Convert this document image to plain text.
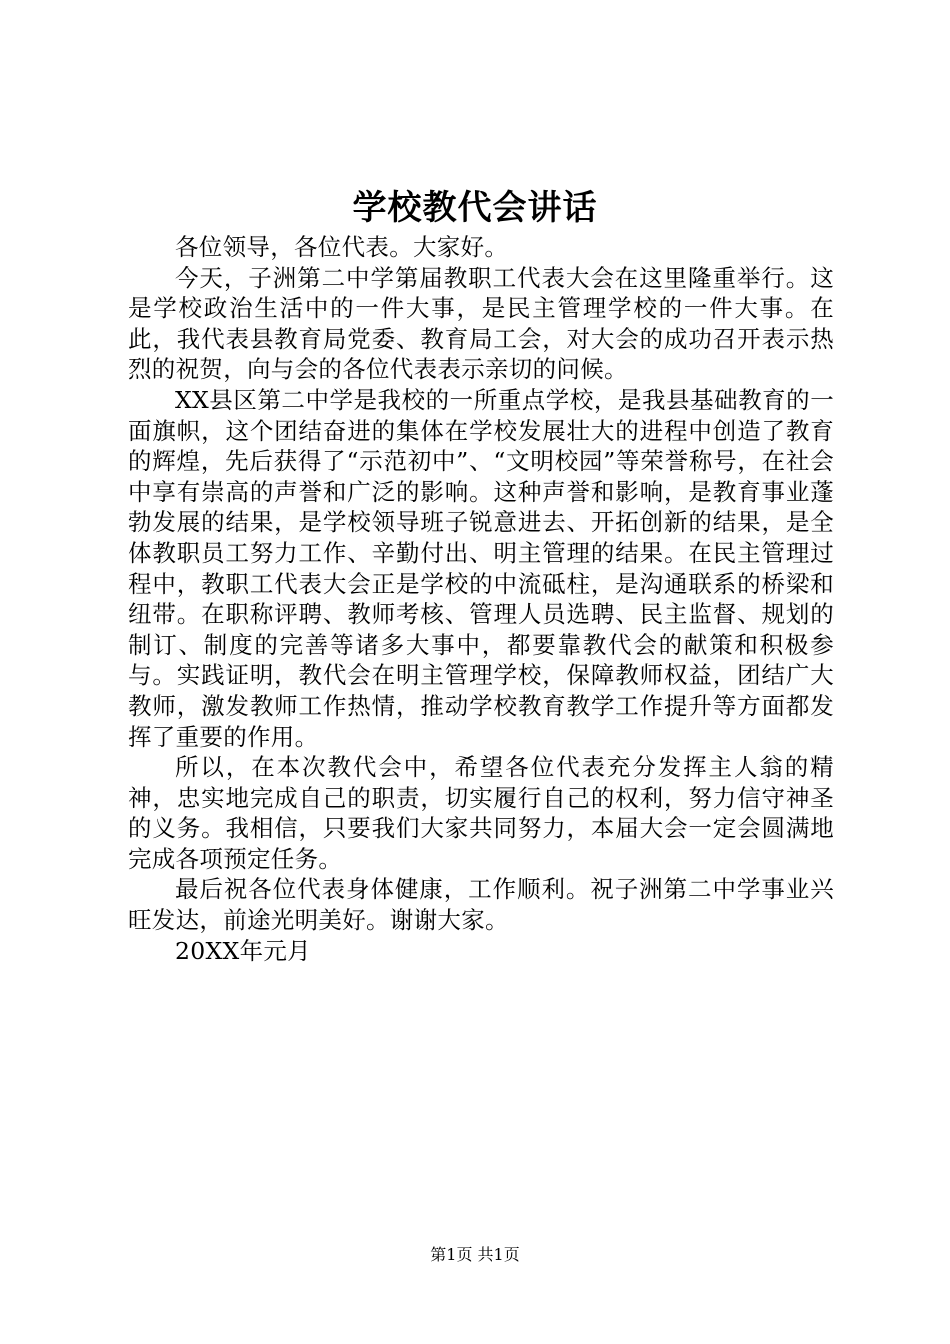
学校教代会讲话

各位领导，各位代表。大家好。

今天，子洲第二中学第届教职工代表大会在这里隆重举行。这是学校政治生活中的一件大事，是民主管理学校的一件大事。在此，我代表县教育局党委、教育局工会，对大会的成功召开表示热烈的祝贺，向与会的各位代表表示亲切的问候。

XX县区第二中学是我校的一所重点学校，是我县基础教育的一面旗帜，这个团结奋进的集体在学校发展壮大的进程中创造了教育的辉煌，先后获得了“示范初中”、“文明校园”等荣誉称号，在社会中享有崇高的声誉和广泛的影响。这种声誉和影响，是教育事业蓬勃发展的结果，是学校领导班子锐意进去、开拓创新的结果，是全体教职员工努力工作、辛勤付出、明主管理的结果。在民主管理过程中，教职工代表大会正是学校的中流砥柱，是沟通联系的桥梁和纽带。在职称评聘、教师考核、管理人员选聘、民主监督、规划的制订、制度的完善等诸多大事中，都要靠教代会的献策和积极参与。实践证明，教代会在明主管理学校，保障教师权益，团结广大教师，激发教师工作热情，推动学校教育教学工作提升等方面都发挥了重要的作用。

所以，在本次教代会中，希望各位代表充分发挥主人翁的精神，忠实地完成自己的职责，切实履行自己的权利，努力信守神圣的义务。我相信，只要我们大家共同努力，本届大会一定会圆满地完成各项预定任务。

最后祝各位代表身体健康，工作顺利。祝子洲第二中学事业兴旺发达，前途光明美好。谢谢大家。

20XX年元月

第1页 共1页
